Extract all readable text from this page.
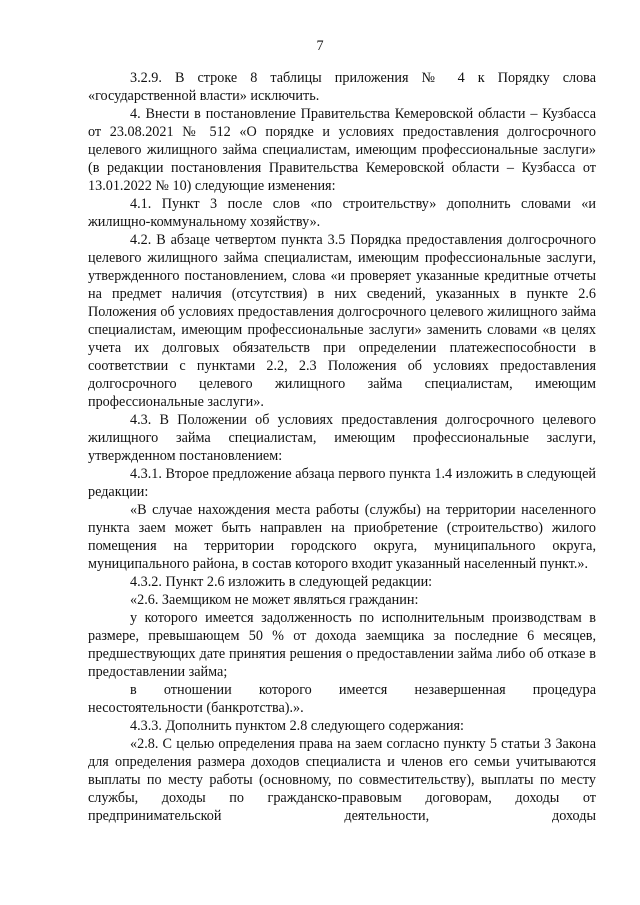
7

3.2.9. В строке 8 таблицы приложения № 4 к Порядку слова «государственной власти» исключить.

4. Внести в постановление Правительства Кемеровской области – Кузбасса от 23.08.2021 № 512 «О порядке и условиях предоставления долгосрочного целевого жилищного займа специалистам, имеющим профессиональные заслуги» (в редакции постановления Правительства Кемеровской области – Кузбасса от 13.01.2022 № 10) следующие изменения:

4.1. Пункт 3 после слов «по строительству» дополнить словами «и жилищно-коммунальному хозяйству».

4.2. В абзаце четвертом пункта 3.5 Порядка предоставления долгосрочного целевого жилищного займа специалистам, имеющим профессиональные заслуги, утвержденного постановлением, слова «и проверяет указанные кредитные отчеты на предмет наличия (отсутствия) в них сведений, указанных в пункте 2.6 Положения об условиях предоставления долгосрочного целевого жилищного займа специалистам, имеющим профессиональные заслуги» заменить словами «в целях учета их долговых обязательств при определении платежеспособности в соответствии с пунктами 2.2, 2.3 Положения об условиях предоставления долгосрочного целевого жилищного займа специалистам, имеющим профессиональные заслуги».

4.3. В Положении об условиях предоставления долгосрочного целевого жилищного займа специалистам, имеющим профессиональные заслуги, утвержденном постановлением:

4.3.1. Второе предложение абзаца первого пункта 1.4 изложить в следующей редакции:

«В случае нахождения места работы (службы) на территории населенного пункта заем может быть направлен на приобретение (строительство) жилого помещения на территории городского округа, муниципального округа, муниципального района, в состав которого входит указанный населенный пункт.».

4.3.2. Пункт 2.6 изложить в следующей редакции:

«2.6. Заемщиком не может являться гражданин:

у которого имеется задолженность по исполнительным производствам в размере, превышающем 50 % от дохода заемщика за последние 6 месяцев, предшествующих дате принятия решения о предоставлении займа либо об отказе в предоставлении займа;

в отношении которого имеется незавершенная процедура несостоятельности (банкротства).».

4.3.3. Дополнить пунктом 2.8 следующего содержания:

«2.8. С целью определения права на заем согласно пункту 5 статьи 3 Закона для определения размера доходов специалиста и членов его семьи учитываются выплаты по месту работы (основному, по совместительству), выплаты по месту службы, доходы по гражданско-правовым договорам, доходы от предпринимательской деятельности, доходы
